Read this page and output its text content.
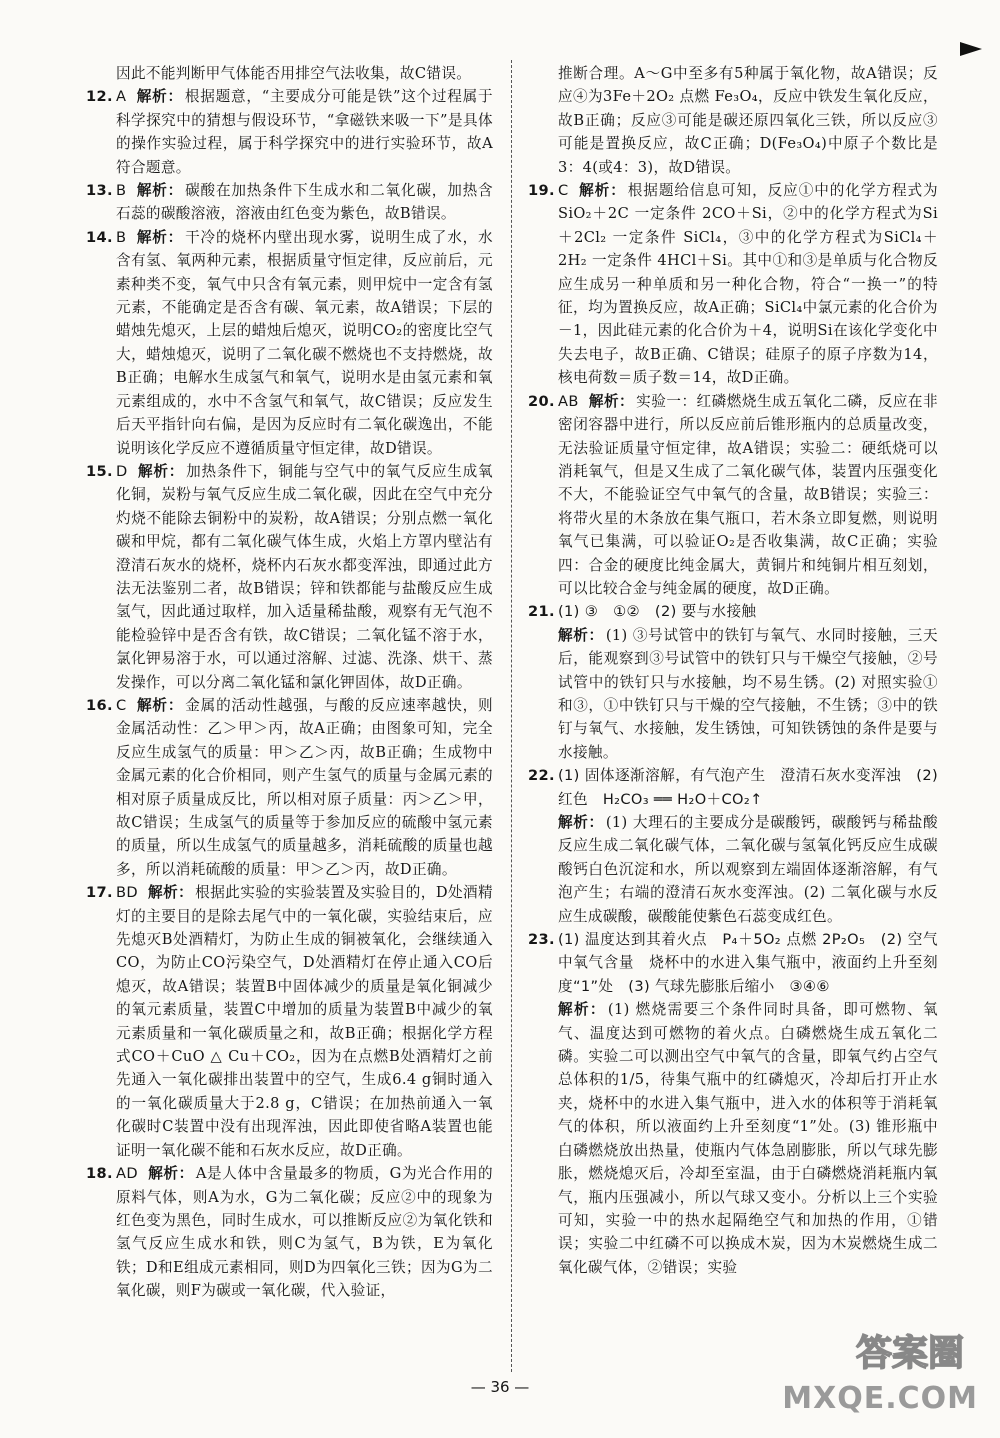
因此不能判断甲气体能否用排空气法收集，故C错误。

12. A 解析： 根据题意，“主要成分可能是铁”这个过程属于科学探究中的猜想与假设环节，“拿磁铁来吸一下”是具体的操作实验过程，属于科学探究中的进行实验环节，故A符合题意。

13. B 解析： 碳酸在加热条件下生成水和二氧化碳，加热含石蕊的碳酸溶液，溶液由红色变为紫色，故B错误。

14. B 解析： 干冷的烧杯内壁出现水雾，说明生成了水，水含有氢、氧两种元素，根据质量守恒定律，反应前后，元素种类不变，氧气中只含有氧元素，则甲烷中一定含有氢元素，不能确定是否含有碳、氧元素，故A错误；下层的蜡烛先熄灭，上层的蜡烛后熄灭，说明CO₂的密度比空气大，蜡烛熄灭，说明了二氧化碳不燃烧也不支持燃烧，故B正确；电解水生成氢气和氧气，说明水是由氢元素和氧元素组成的，水中不含氢气和氧气，故C错误；反应发生后天平指针向右偏，是因为反应时有二氧化碳逸出，不能说明该化学反应不遵循质量守恒定律，故D错误。

15. D 解析： 加热条件下，铜能与空气中的氧气反应生成氧化铜，炭粉与氧气反应生成二氧化碳，因此在空气中充分灼烧不能除去铜粉中的炭粉，故A错误；分别点燃一氧化碳和甲烷，都有二氧化碳气体生成，火焰上方罩内壁沾有澄清石灰水的烧杯，烧杯内石灰水都变浑浊，即通过此方法无法鉴别二者，故B错误；锌和铁都能与盐酸反应生成氢气，因此通过取样，加入适量稀盐酸，观察有无气泡不能检验锌中是否含有铁，故C错误；二氧化锰不溶于水，氯化钾易溶于水，可以通过溶解、过滤、洗涤、烘干、蒸发操作，可以分离二氧化锰和氯化钾固体，故D正确。

16. C 解析： 金属的活动性越强，与酸的反应速率越快，则金属活动性：乙＞甲＞丙，故A正确；由图象可知，完全反应生成氢气的质量：甲＞乙＞丙，故B正确；生成物中金属元素的化合价相同，则产生氢气的质量与金属元素的相对原子质量成反比，所以相对原子质量：丙＞乙＞甲，故C错误；生成氢气的质量等于参加反应的硫酸中氢元素的质量，所以生成氢气的质量越多，消耗硫酸的质量也越多，所以消耗硫酸的质量：甲＞乙＞丙，故D正确。

17. BD 解析： 根据此实验的实验装置及实验目的，D处酒精灯的主要目的是除去尾气中的一氧化碳，实验结束后，应先熄灭B处酒精灯，为防止生成的铜被氧化，会继续通入CO，为防止CO污染空气，D处酒精灯在停止通入CO后熄灭，故A错误；装置B中固体减少的质量是氧化铜减少的氧元素质量，装置C中增加的质量为装置B中减少的氧元素质量和一氧化碳质量之和，故B正确；根据化学方程式CO＋CuO △ Cu＋CO₂，因为在点燃B处酒精灯之前先通入一氧化碳排出装置中的空气，生成6.4 g铜时通入的一氧化碳质量大于2.8 g，C错误；在加热前通入一氧化碳时C装置中没有出现浑浊，因此即使省略A装置也能证明一氧化碳不能和石灰水反应，故D正确。

18. AD 解析： A是人体中含量最多的物质，G为光合作用的原料气体，则A为水，G为二氧化碳；反应②中的现象为红色变为黑色，同时生成水，可以推断反应②为氧化铁和氢气反应生成水和铁，则C为氢气，B为铁，E为氧化铁；D和E组成元素相同，则D为四氧化三铁；因为G为二氧化碳，则F为碳或一氧化碳，代入验证，

推断合理。A～G中至多有5种属于氧化物，故A错误；反应④为3Fe＋2O₂ 点燃 Fe₃O₄，反应中铁发生氧化反应，故B正确；反应③可能是碳还原四氧化三铁，所以反应③可能是置换反应，故C正确；D(Fe₃O₄)中原子个数比是3：4(或4：3)，故D错误。

19. C 解析： 根据题给信息可知，反应①中的化学方程式为SiO₂＋2C 一定条件 2CO＋Si，②中的化学方程式为Si＋2Cl₂ 一定条件 SiCl₄，③中的化学方程式为SiCl₄＋2H₂ 一定条件 4HCl＋Si。其中①和③是单质与化合物反应生成另一种单质和另一种化合物，符合“一换一”的特征，均为置换反应，故A正确；SiCl₄中氯元素的化合价为－1，因此硅元素的化合价为＋4，说明Si在该化学变化中失去电子，故B正确、C错误；硅原子的原子序数为14，核电荷数＝质子数＝14，故D正确。

20. AB 解析： 实验一：红磷燃烧生成五氧化二磷，反应在非密闭容器中进行，所以反应前后锥形瓶内的总质量改变，无法验证质量守恒定律，故A错误；实验二：硬纸烧可以消耗氧气，但是又生成了二氧化碳气体，装置内压强变化不大，不能验证空气中氧气的含量，故B错误；实验三：将带火星的木条放在集气瓶口，若木条立即复燃，则说明氧气已集满，可以验证O₂是否收集满，故C正确；实验四：合金的硬度比纯金属大，黄铜片和纯铜片相互刻划，可以比较合金与纯金属的硬度，故D正确。

21. (1) ③　①②　(2) 要与水接触

解析： (1) ③号试管中的铁钉与氧气、水同时接触，三天后，能观察到③号试管中的铁钉只与干燥空气接触，②号试管中的铁钉只与水接触，均不易生锈。(2) 对照实验①和③，①中铁钉只与干燥的空气接触，不生锈；③中的铁钉与氧气、水接触，发生锈蚀，可知铁锈蚀的条件是要与水接触。

22. (1) 固体逐渐溶解，有气泡产生　澄清石灰水变浑浊　(2) 红色　H₂CO₃ ══ H₂O＋CO₂↑

解析： (1) 大理石的主要成分是碳酸钙，碳酸钙与稀盐酸反应生成二氧化碳气体，二氧化碳与氢氧化钙反应生成碳酸钙白色沉淀和水，所以观察到左端固体逐渐溶解，有气泡产生；右端的澄清石灰水变浑浊。(2) 二氧化碳与水反应生成碳酸，碳酸能使紫色石蕊变成红色。

23. (1) 温度达到其着火点　P₄＋5O₂ 点燃 2P₂O₅　(2) 空气中氧气含量　烧杯中的水进入集气瓶中，液面约上升至刻度“1”处　(3) 气球先膨胀后缩小　③④⑥

解析： (1) 燃烧需要三个条件同时具备，即可燃物、氧气、温度达到可燃物的着火点。白磷燃烧生成五氧化二磷。实验二可以测出空气中氧气的含量，即氧气约占空气总体积的1/5，待集气瓶中的红磷熄灭，冷却后打开止水夹，烧杯中的水进入集气瓶中，进入水的体积等于消耗氧气的体积，所以液面约上升至刻度“1”处。(3) 锥形瓶中白磷燃烧放出热量，使瓶内气体急剧膨胀，所以气球先膨胀，燃烧熄灭后，冷却至室温，由于白磷燃烧消耗瓶内氧气，瓶内压强减小，所以气球又变小。分析以上三个实验可知，实验一中的热水起隔绝空气和加热的作用，①错误；实验二中红磷不可以换成木炭，因为木炭燃烧生成二氧化碳气体，②错误；实验

— 36 —
答案圈
MXQE.COM
